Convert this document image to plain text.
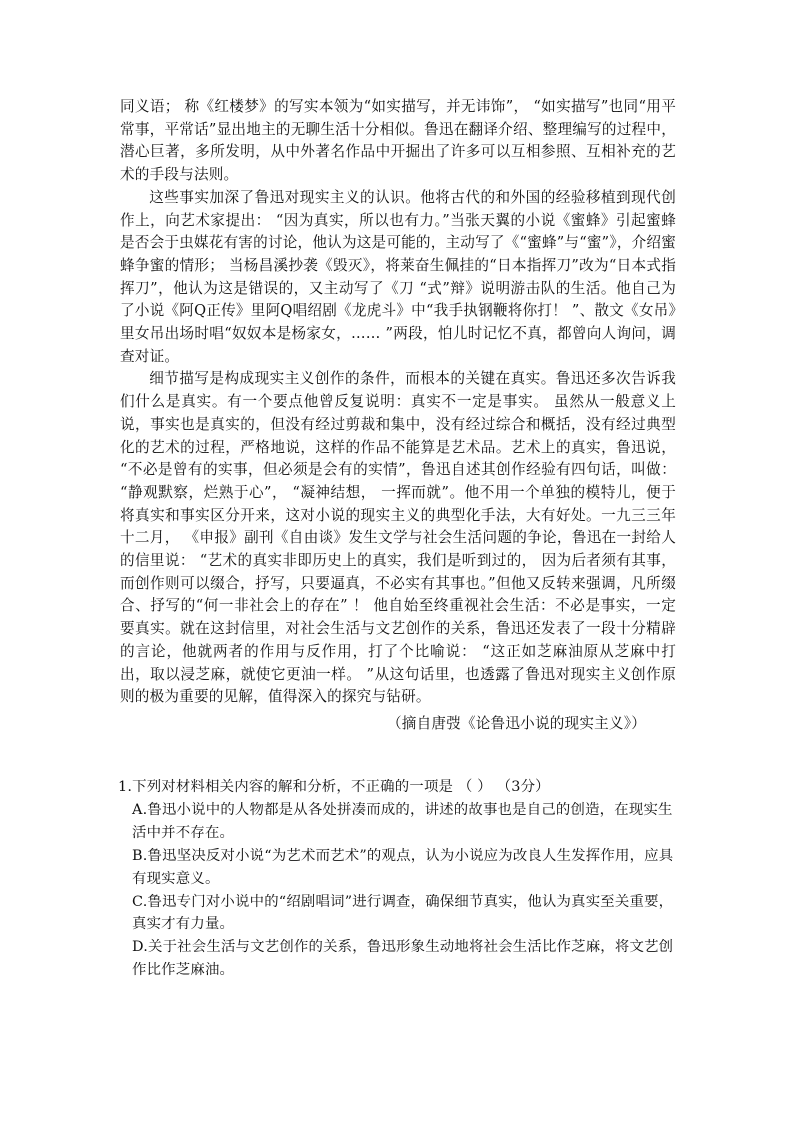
同义语； 称《红楼梦》的写实本领为“如实描写，并无讳饰”， “如实描写”也同“用平常事，平常话”显出地主的无聊生活十分相似。鲁迅在翻译介绍、整理编写的过程中，潜心巨著，多所发明，从中外著名作品中开掘出了许多可以互相参照、互相补充的艺术的手段与法则。

这些事实加深了鲁迅对现实主义的认识。他将古代的和外国的经验移植到现代创作上，向艺术家提出： “因为真实，所以也有力。”当张天翼的小说《蜜蜂》引起蜜蜂是否会于虫媒花有害的讨论，他认为这是可能的，主动写了《“蜜蜂”与“蜜”》，介绍蜜蜂争蜜的情形； 当杨昌溪抄袭《毁灭》，将莱奋生佩挂的“日本指挥刀”改为“日本式指挥刀”，他认为这是错误的，又主动写了《刀 “式”辩》说明游击队的生活。他自己为了小说《阿Q正传》里阿Q唱绍剧《龙虎斗》中“我手执钢鞭将你打！ ”、散文《女吊》里女吊出场时唱“奴奴本是杨家女，…… ”两段，怕儿时记忆不真，都曾向人询问，调查对证。

细节描写是构成现实主义创作的条件，而根本的关键在真实。鲁迅还多次告诉我们什么是真实。有一个要点他曾反复说明：真实不一定是事实。 虽然从一般意义上说，事实也是真实的，但没有经过剪裁和集中，没有经过综合和概括，没有经过典型化的艺术的过程，严格地说，这样的作品不能算是艺术品。艺术上的真实，鲁迅说， “不必是曾有的实事，但必须是会有的实情”，鲁迅自述其创作经验有四句话，叫做： “静观默察，烂熟于心”， “凝神结想， 一挥而就”。他不用一个单独的模特儿，便于将真实和事实区分开来，这对小说的现实主义的典型化手法，大有好处。一九三三年十二月， 《申报》副刊《自由谈》发生文学与社会生活问题的争论，鲁迅在一封给人的信里说： “艺术的真实非即历史上的真实，我们是听到过的， 因为后者须有其事，而创作则可以缀合，抒写，只要逼真，不必实有其事也。”但他又反转来强调，凡所缀合、抒写的“何一非社会上的存在” ！ 他自始至终重视社会生活：不必是事实，一定要真实。就在这封信里，对社会生活与文艺创作的关系，鲁迅还发表了一段十分精辟的言论，他就两者的作用与反作用，打了个比喻说： “这正如芝麻油原从芝麻中打出，取以浸芝麻，就使它更油一样。 ”从这句话里，也透露了鲁迅对现实主义创作原则的极为重要的见解，值得深入的探究与钻研。

（摘自唐弢《论鲁迅小说的现实主义》）

1.下列对材料相关内容的解和分析，不正确的一项是 （ ） （3分）

A.鲁迅小说中的人物都是从各处拼凑而成的，讲述的故事也是自己的创造，在现实生活中并不存在。

B.鲁迅坚决反对小说“为艺术而艺术”的观点，认为小说应为改良人生发挥作用，应具有现实意义。

C.鲁迅专门对小说中的“绍剧唱词”进行调查，确保细节真实，他认为真实至关重要，真实才有力量。

D.关于社会生活与文艺创作的关系，鲁迅形象生动地将社会生活比作芝麻，将文艺创作比作芝麻油。
